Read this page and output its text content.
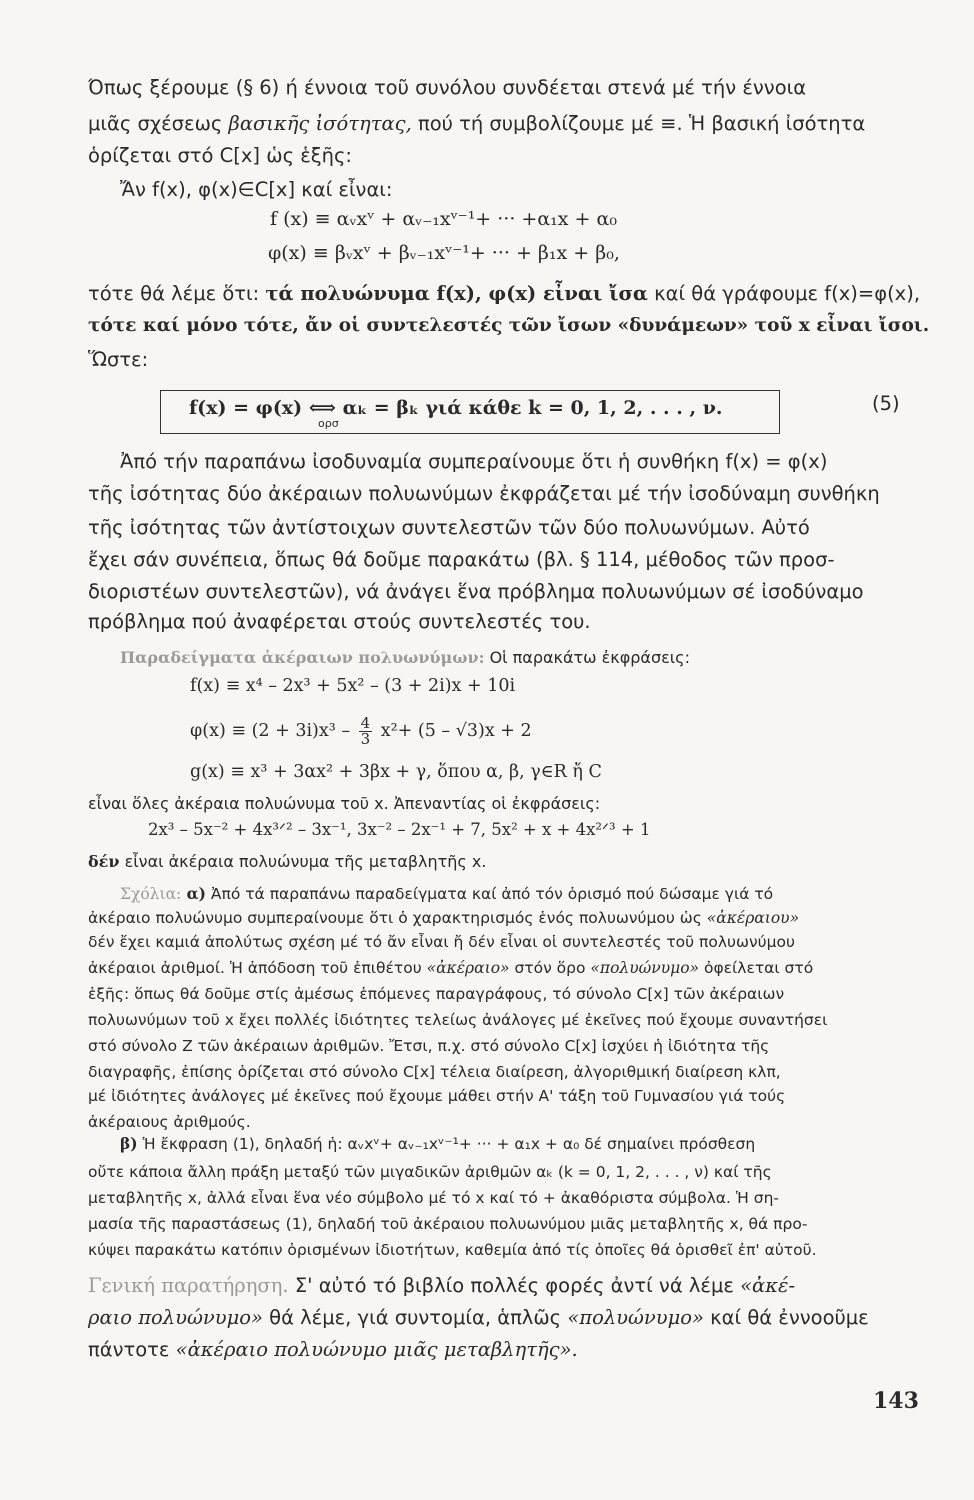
Όπως ξέρουμε (§ 6) ή έννοια τοῦ συνόλου συνδέεται στενά μέ τήν έννοια
μιᾶς σχέσεως βασικῆς ἰσότητας, πού τή συμβολίζουμε μέ ≡. Ἡ βασική ἰσότητα
ὁρίζεται στό C[x] ὡς ἑξῆς:
Ἄν f(x), φ(x)∈C[x] καί εἶναι:
f (x) ≡ αᵥxᵛ + αᵥ₋₁xᵛ⁻¹+ ··· +α₁x + α₀
φ(x) ≡ βᵥxᵛ + βᵥ₋₁xᵛ⁻¹+ ··· + β₁x + β₀,
τότε θά λέμε ὅτι: τά πολυώνυμα f(x), φ(x) εἶναι ἴσα καί θά γράφουμε f(x)=φ(x),
τότε καί μόνο τότε, ἄν οἱ συντελεστές τῶν ἴσων «δυνάμεων» τοῦ x εἶναι ἴσοι.
Ὥστε:
f(x) = φ(x) ⟺ αₖ = βₖ γιά κάθε k = 0, 1, 2, . . . , ν.
ορσ
(5)
Ἀπό τήν παραπάνω ἰσοδυναμία συμπεραίνουμε ὅτι ἡ συνθήκη f(x) = φ(x)
τῆς ἰσότητας δύο ἀκέραιων πολυωνύμων ἐκφράζεται μέ τήν ἰσοδύναμη συνθήκη
τῆς ἰσότητας τῶν ἀντίστοιχων συντελεστῶν τῶν δύο πολυωνύμων. Αὐτό
ἔχει σάν συνέπεια, ὅπως θά δοῦμε παρακάτω (βλ. § 114, μέθοδος τῶν προσ-
διοριστέων συντελεστῶν), νά ἀνάγει ἕνα πρόβλημα πολυωνύμων σέ ἰσοδύναμο
πρόβλημα πού ἀναφέρεται στούς συντελεστές του.
Παραδείγματα ἀκέραιων πολυωνύμων: Οἱ παρακάτω ἐκφράσεις:
f(x) ≡ x⁴ – 2x³ + 5x² – (3 + 2i)x + 10i
$\varphi(x) \equiv (2 + 3i)x^3 - \frac{4}{3} x^2+ (5 - √3)x + 2$
g(x) ≡ x³ + 3αx² + 3βx + γ, ὅπου α, β, γ∈R ἤ C
εἶναι ὅλες ἀκέραια πολυώνυμα τοῦ x. Ἀπεναντίας οἱ ἐκφράσεις:
2x³ – 5x⁻² + 4x³ᐟ² – 3x⁻¹, 3x⁻² – 2x⁻¹ + 7, 5x² + x + 4x²ᐟ³ + 1
δέν εἶναι ἀκέραια πολυώνυμα τῆς μεταβλητῆς x.
Σχόλια: α) Ἀπό τά παραπάνω παραδείγματα καί ἀπό τόν ὁρισμό πού δώσαμε γιά τό
ἀκέραιο πολυώνυμο συμπεραίνουμε ὅτι ὁ χαρακτηρισμός ἑνός πολυωνύμου ὡς «ἀκέραιου»
δέν ἔχει καμιά ἀπολύτως σχέση μέ τό ἄν εἶναι ἤ δέν εἶναι οἱ συντελεστές τοῦ πολυωνύμου
ἀκέραιοι ἀριθμοί. Ἡ ἀπόδοση τοῦ ἐπιθέτου «ἀκέραιο» στόν ὅρο «πολυώνυμο» ὀφείλεται στό
ἑξῆς: ὅπως θά δοῦμε στίς ἀμέσως ἑπόμενες παραγράφους, τό σύνολο C[x] τῶν ἀκέραιων
πολυωνύμων τοῦ x ἔχει πολλές ἰδιότητες τελείως ἀνάλογες μέ ἐκεῖνες πού ἔχουμε συναντήσει
στό σύνολο Z τῶν ἀκέραιων ἀριθμῶν. Ἔτσι, π.χ. στό σύνολο C[x] ἰσχύει ἡ ἰδιότητα τῆς
διαγραφῆς, ἐπίσης ὁρίζεται στό σύνολο C[x] τέλεια διαίρεση, ἀλγοριθμική διαίρεση κλπ,
μέ ἰδιότητες ἀνάλογες μέ ἐκεῖνες πού ἔχουμε μάθει στήν Α' τάξη τοῦ Γυμνασίου γιά τούς
ἀκέραιους ἀριθμούς.
β) Ἡ ἔκφραση (1), δηλαδή ἡ: αᵥxᵛ+ αᵥ₋₁xᵛ⁻¹+ ··· + α₁x + α₀ δέ σημαίνει πρόσθεση
οὔτε κάποια ἄλλη πράξη μεταξύ τῶν μιγαδικῶν ἀριθμῶν αₖ (k = 0, 1, 2, . . . , ν) καί τῆς
μεταβλητῆς x, ἀλλά εἶναι ἕνα νέο σύμβολο μέ τό x καί τό + ἀκαθόριστα σύμβολα. Ἡ ση-
μασία τῆς παραστάσεως (1), δηλαδή τοῦ ἀκέραιου πολυωνύμου μιᾶς μεταβλητῆς x, θά προ-
κύψει παρακάτω κατόπιν ὁρισμένων ἰδιοτήτων, καθεμία ἀπό τίς ὁποῖες θά ὁρισθεῖ ἐπ' αὐτοῦ.
Γενική παρατήρηση. Σ' αὐτό τό βιβλίο πολλές φορές ἀντί νά λέμε «ἀκέ-
ραιο πολυώνυμο» θά λέμε, γιά συντομία, ἁπλῶς «πολυώνυμο» καί θά ἐννοοῦμε
πάντοτε «ἀκέραιο πολυώνυμο μιᾶς μεταβλητῆς».
143
